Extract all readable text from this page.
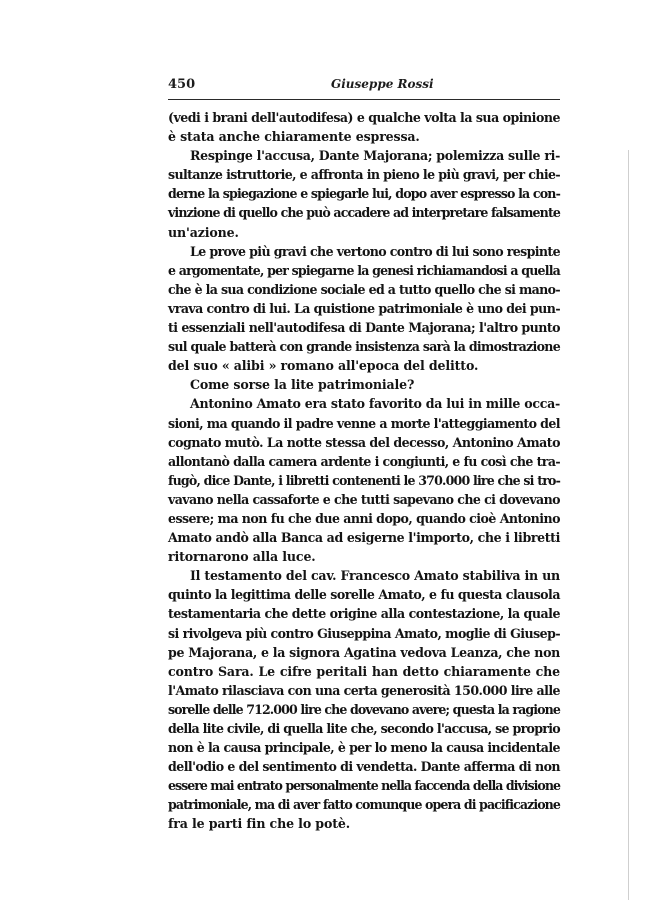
450	Giuseppe Rossi
(vedi i brani dell'autodifesa) e qualche volta la sua opinione
è stata anche chiaramente espressa.
Respinge l'accusa, Dante Majorana; polemizza sulle ri-
sultanze istruttorie, e affronta in pieno le più gravi, per chie-
derne la spiegazione e spiegarle lui, dopo aver espresso la con-
vinzione di quello che può accadere ad interpretare falsamente
un'azione.
Le prove più gravi che vertono contro di lui sono respinte
e argomentate, per spiegarne la genesi richiamandosi a quella
che è la sua condizione sociale ed a tutto quello che si mano-
vrava contro di lui. La quistione patrimoniale è uno dei pun-
ti essenziali nell'autodifesa di Dante Majorana; l'altro punto
sul quale batterà con grande insistenza sarà la dimostrazione
del suo « alibi » romano all'epoca del delitto.
Come sorse la lite patrimoniale?
Antonino Amato era stato favorito da lui in mille occa-
sioni, ma quando il padre venne a morte l'atteggiamento del
cognato mutò. La notte stessa del decesso, Antonino Amato
allontanò dalla camera ardente i congiunti, e fu così che tra-
fugò, dice Dante, i libretti contenenti le 370.000 lire che si tro-
vavano nella cassaforte e che tutti sapevano che ci dovevano
essere; ma non fu che due anni dopo, quando cioè Antonino
Amato andò alla Banca ad esigerne l'importo, che i libretti
ritornarono alla luce.
Il testamento del cav. Francesco Amato stabiliva in un
quinto la legittima delle sorelle Amato, e fu questa clausola
testamentaria che dette origine alla contestazione, la quale
si rivolgeva più contro Giuseppina Amato, moglie di Giusep-
pe Majorana, e la signora Agatina vedova Leanza, che non
contro Sara. Le cifre peritali han detto chiaramente che
l'Amato rilasciava con una certa generosità 150.000 lire alle
sorelle delle 712.000 lire che dovevano avere; questa la ragione
della lite civile, di quella lite che, secondo l'accusa, se proprio
non è la causa principale, è per lo meno la causa incidentale
dell'odio e del sentimento di vendetta. Dante afferma di non
essere mai entrato personalmente nella faccenda della divisione
patrimoniale, ma di aver fatto comunque opera di pacificazione
fra le parti fin che lo potè.
